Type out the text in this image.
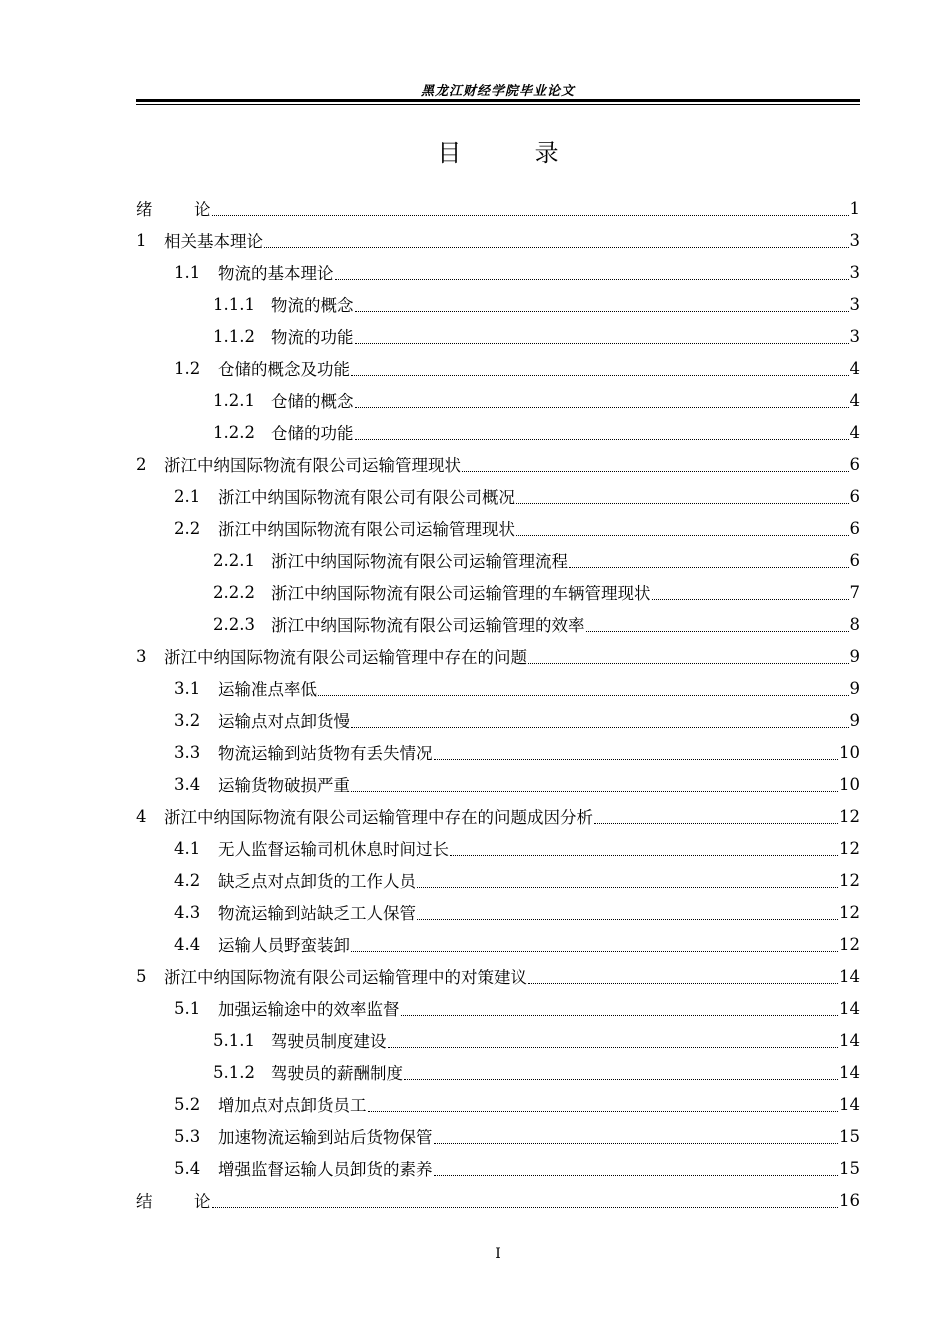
黑龙江财经学院毕业论文
目	录
绪	论	1
1	相关基本理论	3
1.1	物流的基本理论	3
1.1.1 物流的概念	3
1.1.2 物流的功能	3
1.2	仓储的概念及功能	4
1.2.1 仓储的概念	4
1.2.2 仓储的功能	4
2	浙江中纳国际物流有限公司运输管理现状	6
2.1	浙江中纳国际物流有限公司有限公司概况	6
2.2	浙江中纳国际物流有限公司运输管理现状	6
2.2.1 浙江中纳国际物流有限公司运输管理流程	6
2.2.2 浙江中纳国际物流有限公司运输管理的车辆管理现状	7
2.2.3 浙江中纳国际物流有限公司运输管理的效率	8
3	浙江中纳国际物流有限公司运输管理中存在的问题	9
3.1	运输准点率低	9
3.2	运输点对点卸货慢	9
3.3	物流运输到站货物有丢失情况	10
3.4	运输货物破损严重	10
4	浙江中纳国际物流有限公司运输管理中存在的问题成因分析	12
4.1	无人监督运输司机休息时间过长	12
4.2	缺乏点对点卸货的工作人员	12
4.3	物流运输到站缺乏工人保管	12
4.4	运输人员野蛮装卸	12
5	浙江中纳国际物流有限公司运输管理中的对策建议	14
5.1	加强运输途中的效率监督	14
5.1.1 驾驶员制度建设	14
5.1.2 驾驶员的薪酬制度	14
5.2	增加点对点卸货员工	14
5.3	加速物流运输到站后货物保管	15
5.4	增强监督运输人员卸货的素养	15
结	论	16
I
